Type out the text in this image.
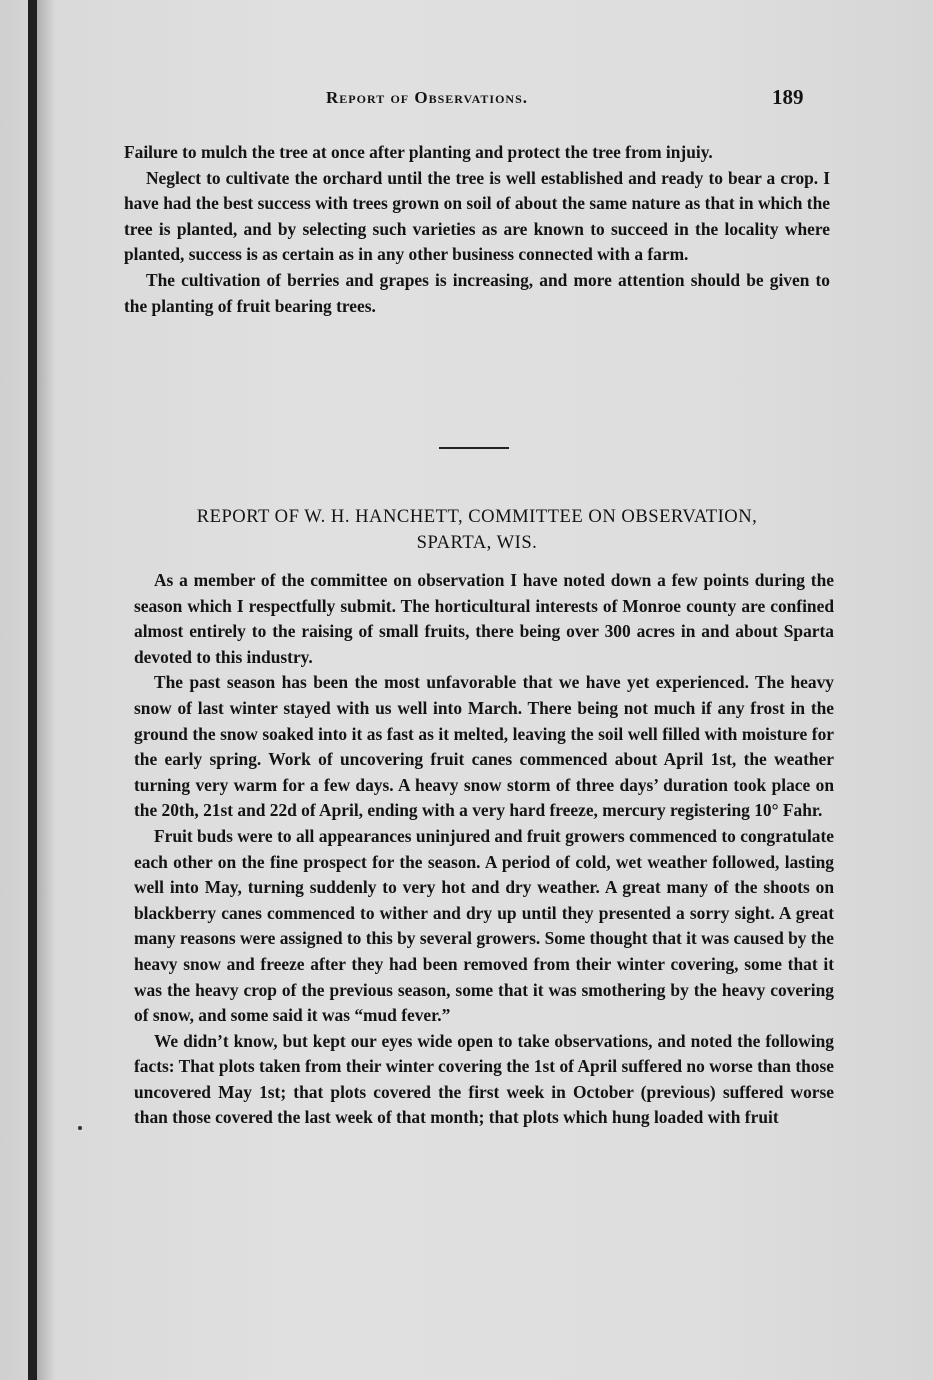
Report of Observations.	189

Failure to mulch the tree at once after planting and protect the tree from injuiy.

Neglect to cultivate the orchard until the tree is well established and ready to bear a crop. I have had the best success with trees grown on soil of about the same nature as that in which the tree is planted, and by selecting such varieties as are known to succeed in the locality where planted, success is as certain as in any other business connected with a farm.

The cultivation of berries and grapes is increasing, and more attention should be given to the planting of fruit bearing trees.

REPORT OF W. H. HANCHETT, COMMITTEE ON OBSERVATION,
SPARTA, WIS.

As a member of the committee on observation I have noted down a few points during the season which I respectfully submit. The horticultural interests of Monroe county are confined almost entirely to the raising of small fruits, there being over 300 acres in and about Sparta devoted to this industry.

The past season has been the most unfavorable that we have yet experienced. The heavy snow of last winter stayed with us well into March. There being not much if any frost in the ground the snow soaked into it as fast as it melted, leaving the soil well filled with moisture for the early spring. Work of uncovering fruit canes commenced about April 1st, the weather turning very warm for a few days. A heavy snow storm of three days’ duration took place on the 20th, 21st and 22d of April, ending with a very hard freeze, mercury registering 10° Fahr.

Fruit buds were to all appearances uninjured and fruit growers commenced to congratulate each other on the fine prospect for the season. A period of cold, wet weather followed, lasting well into May, turning suddenly to very hot and dry weather. A great many of the shoots on blackberry canes commenced to wither and dry up until they presented a sorry sight. A great many reasons were assigned to this by several growers. Some thought that it was caused by the heavy snow and freeze after they had been removed from their winter covering, some that it was the heavy crop of the previous season, some that it was smothering by the heavy covering of snow, and some said it was “mud fever.”

We didn’t know, but kept our eyes wide open to take observations, and noted the following facts: That plots taken from their winter covering the 1st of April suffered no worse than those uncovered May 1st; that plots covered the first week in October (previous) suffered worse than those covered the last week of that month; that plots which hung loaded with fruit
